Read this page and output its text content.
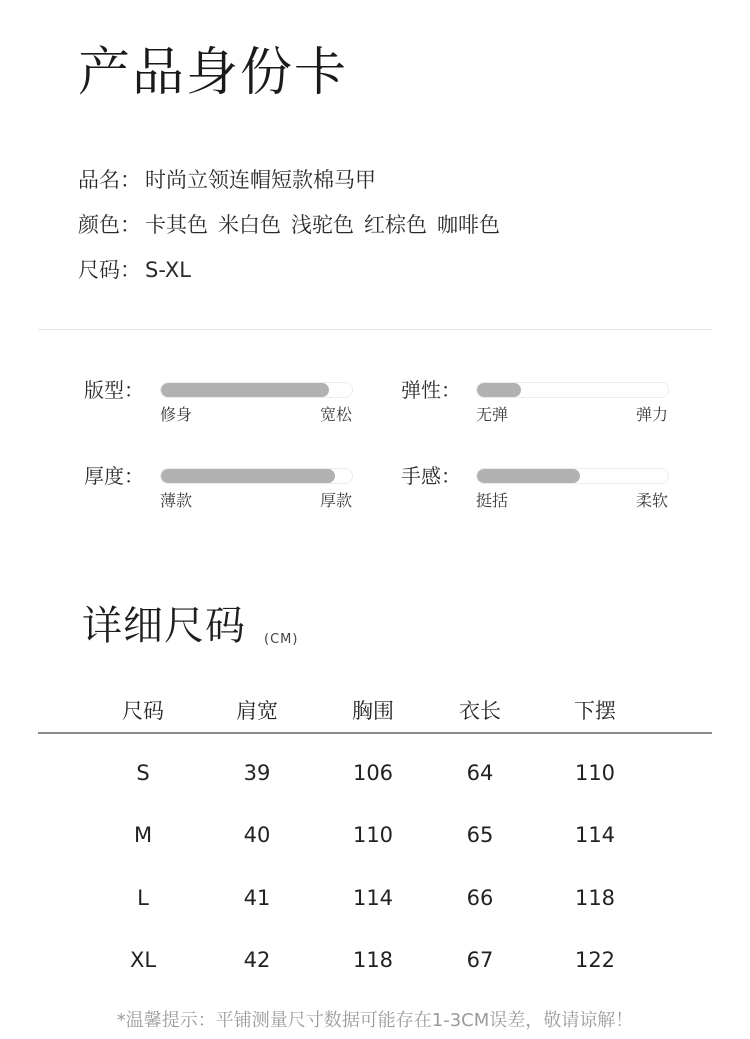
产品身份卡
品名： 时尚立领连帽短款棉马甲
颜色： 卡其色 米白色 浅驼色 红棕色 咖啡色
尺码： S-XL
版型：
修身	宽松
弹性：
无弹	弹力
厚度：
薄款	厚款
手感：
挺括	柔软
详细尺码 (CM)
尺码	肩宽	胸围	衣长	下摆
S	39	106	64	110
M	40	110	65	114
L	41	114	66	118
XL	42	118	67	122
*温馨提示：平铺测量尺寸数据可能存在1-3CM误差，敬请谅解！
